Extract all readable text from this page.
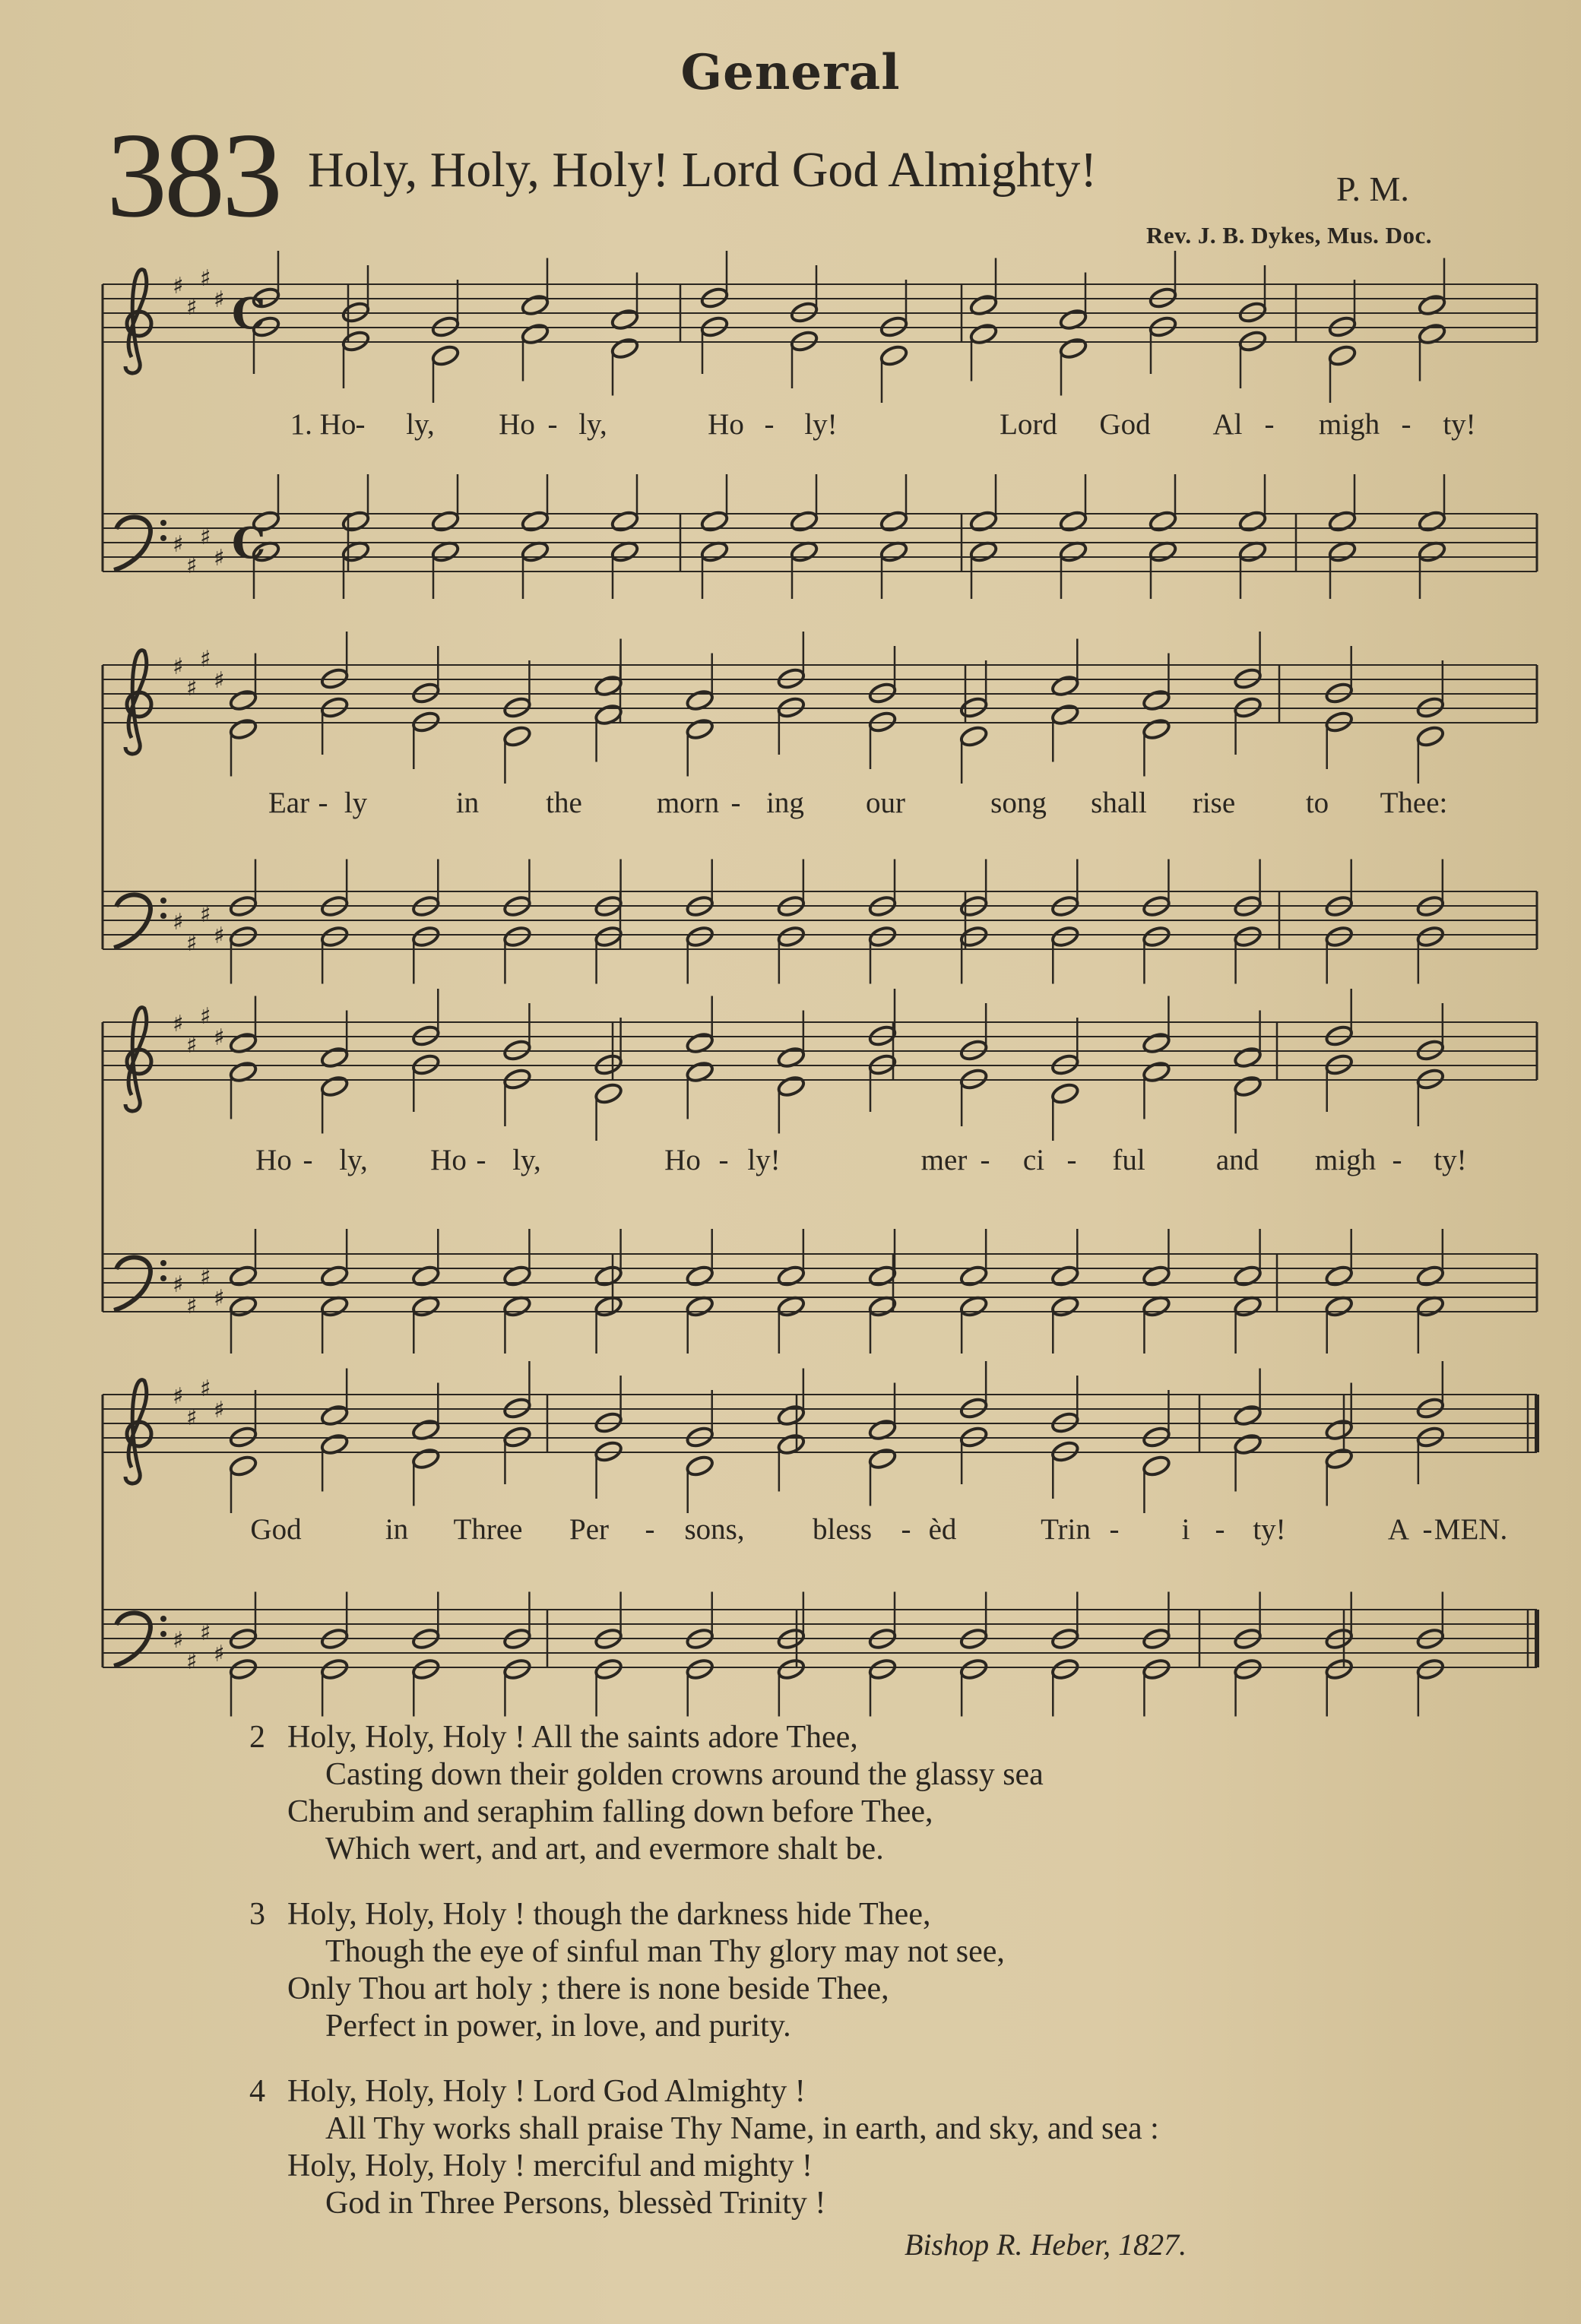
General
383 Holy, Holy, Holy! Lord God Almighty!	P. M.
Rev. J. B. Dykes, Mus. Doc.
♯
♯
♯
♯ C
♯
♯
♯
♯ C
♯
♯
♯
♯
♯
♯
♯
♯
♯
♯
♯
♯
♯
♯
♯
♯
♯
♯
♯
♯
♯
♯
♯
♯
1. Ho - ly, Ho - ly,	Ho - ly!	Lord God Al - migh - ty!
Ear - ly	in the	morn - ing our	song shall rise to Thee:
Ho - ly, Ho - ly,	Ho - ly!	mer - ci - ful and migh - ty!
God	in Three Per - sons, bless - èd	Trin - i - ty!	A - MEN.
2 Holy, Holy, Holy ! All the saints adore Thee,
Casting down their golden crowns around the glassy sea
Cherubim and seraphim falling down before Thee,
Which wert, and art, and evermore shalt be.
3 Holy, Holy, Holy ! though the darkness hide Thee,
Though the eye of sinful man Thy glory may not see,
Only Thou art holy ; there is none beside Thee,
Perfect in power, in love, and purity.
4 Holy, Holy, Holy ! Lord God Almighty !
All Thy works shall praise Thy Name, in earth, and sky, and sea :
Holy, Holy, Holy ! merciful and mighty !
God in Three Persons, blessèd Trinity !
Bishop R. Heber, 1827.
